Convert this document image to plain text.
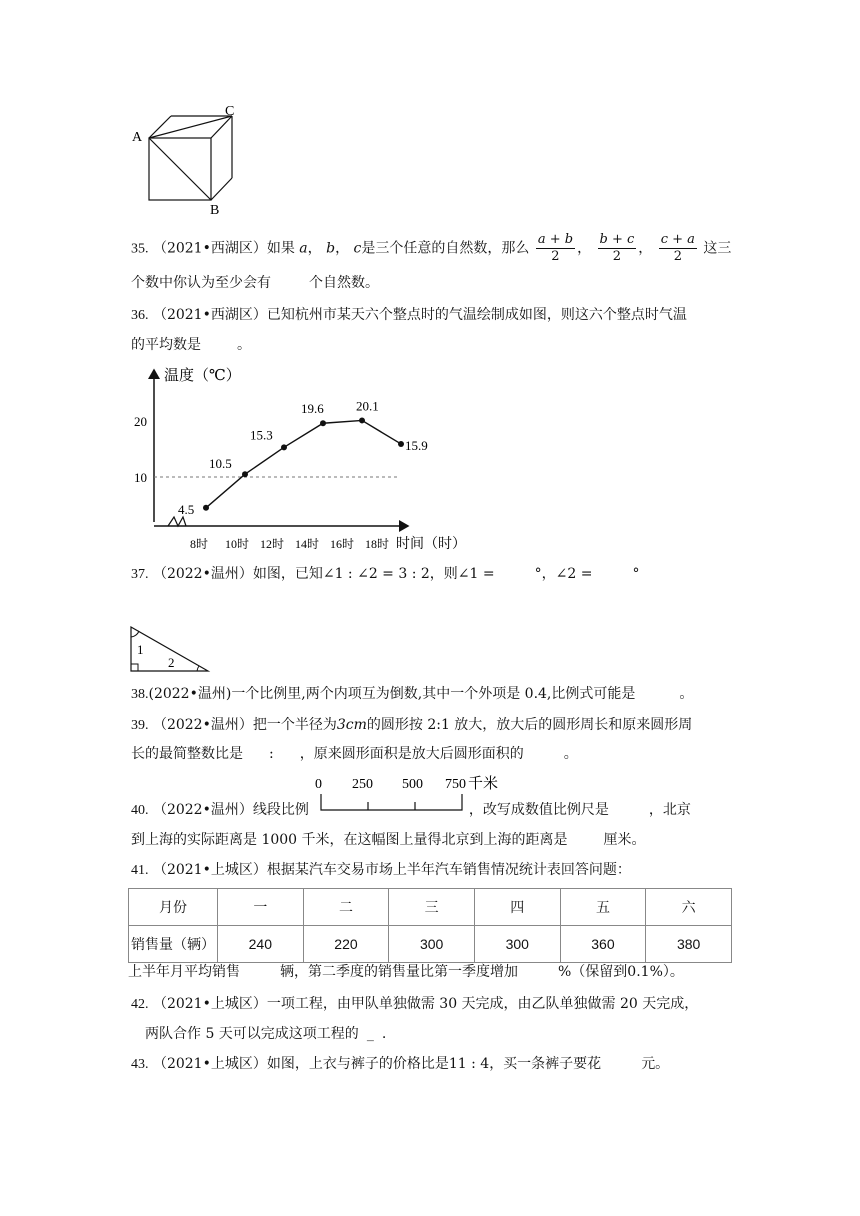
A
C
B
35. （2021•西湖区）如果 a， b， c是三个任意的自然数，那么 $\frac{a + b}{2}$ ， $\frac{b + c}{2}$ ， $\frac{c + a}{2}$ 这三
个数中你认为至少会有	个自然数。
36. （2021•西湖区）已知杭州市某天六个整点时的气温绘制成如图，则这六个整点时气温
的平均数是	。
温度（℃）
时间（时）
20
10
4.5
10.5
15.3
19.6 20.1
15.9
8时 10时 12时 14时 16时 18时
37. （2022•温州）如图，已知∠1 : ∠2 = 3 : 2，则∠1 =	°，∠2 =	°
1
2
38.(2022•温州)一个比例里,两个内项互为倒数,其中一个外项是 0.4,比例式可能是	。
39. （2022•温州）把一个半径为3cm的圆形按 2:1 放大，放大后的圆形周长和原来圆形周
长的最简整数比是 : ，原来圆形面积是放大后圆形面积的	。
0 250 500 750 千米
40. （2022•温州）线段比例	，改写成数值比例尺是	，北京
到上海的实际距离是 1000 千米，在这幅图上量得北京到上海的距离是	厘米。
41. （2021•上城区）根据某汽车交易市场上半年汽车销售情况统计表回答问题：
月份	一	二	三	四	五	六
销售量（辆）	240	220	300	300	360	380
上半年月平均销售	辆，第二季度的销售量比第一季度增加	%（保留到0.1%）。
42. （2021•上城区）一项工程，由甲队单独做需 30 天完成，由乙队单独做需 20 天完成，
两队合作 5 天可以完成这项工程的 _ .
43. （2021•上城区）如图，上衣与裤子的价格比是11 : 4，买一条裤子要花	元。
